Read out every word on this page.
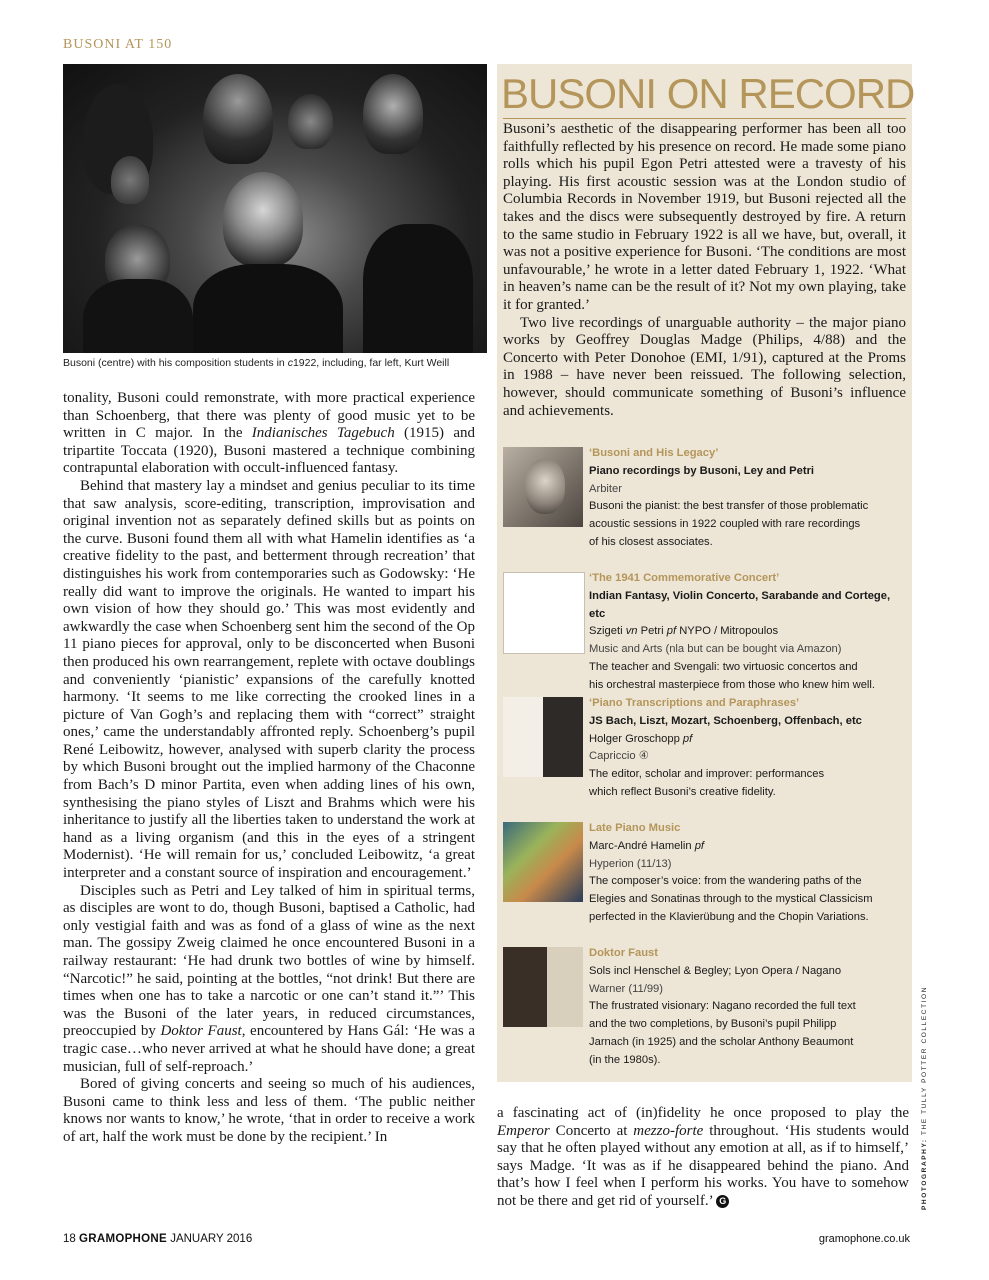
BUSONI AT 150
Busoni (centre) with his composition students in c1922, including, far left, Kurt Weill

tonality, Busoni could remonstrate, with more practical experience than Schoenberg, that there was plenty of good music yet to be written in C major. In the Indianisches Tagebuch (1915) and tripartite Toccata (1920), Busoni mastered a technique combining contrapuntal elaboration with occult-influenced fantasy.

Behind that mastery lay a mindset and genius peculiar to its time that saw analysis, score-editing, transcription, improvisation and original invention not as separately defined skills but as points on the curve. Busoni found them all with what Hamelin identifies as ‘a creative fidelity to the past, and betterment through recreation’ that distinguishes his work from contemporaries such as Godowsky: ‘He really did want to improve the originals. He wanted to impart his own vision of how they should go.’ This was most evidently and awkwardly the case when Schoenberg sent him the second of the Op 11 piano pieces for approval, only to be disconcerted when Busoni then produced his own rearrangement, replete with octave doublings and conveniently ‘pianistic’ expansions of the carefully knotted harmony. ‘It seems to me like correcting the crooked lines in a picture of Van Gogh’s and replacing them with “correct” straight ones,’ came the understandably affronted reply. Schoenberg’s pupil René Leibowitz, however, analysed with superb clarity the process by which Busoni brought out the implied harmony of the Chaconne from Bach’s D minor Partita, even when adding lines of his own, synthesising the piano styles of Liszt and Brahms which were his inheritance to justify all the liberties taken to understand the work at hand as a living organism (and this in the eyes of a stringent Modernist). ‘He will remain for us,’ concluded Leibowitz, ‘a great interpreter and a constant source of inspiration and encouragement.’

Disciples such as Petri and Ley talked of him in spiritual terms, as disciples are wont to do, though Busoni, baptised a Catholic, had only vestigial faith and was as fond of a glass of wine as the next man. The gossipy Zweig claimed he once encountered Busoni in a railway restaurant: ‘He had drunk two bottles of wine by himself. “Narcotic!” he said, pointing at the bottles, “not drink! But there are times when one has to take a narcotic or one can’t stand it.”’ This was the Busoni of the later years, in reduced circumstances, preoccupied by Doktor Faust, encountered by Hans Gál: ‘He was a tragic case…who never arrived at what he should have done; a great musician, full of self-reproach.’

Bored of giving concerts and seeing so much of his audiences, Busoni came to think less and less of them. ‘The public neither knows nor wants to know,’ he wrote, ‘that in order to receive a work of art, half the work must be done by the recipient.’ In

BUSONI ON RECORD

Busoni’s aesthetic of the disappearing performer has been all too faithfully reflected by his presence on record. He made some piano rolls which his pupil Egon Petri attested were a travesty of his playing. His first acoustic session was at the London studio of Columbia Records in November 1919, but Busoni rejected all the takes and the discs were subsequently destroyed by fire. A return to the same studio in February 1922 is all we have, but, overall, it was not a positive experience for Busoni. ‘The conditions are most unfavourable,’ he wrote in a letter dated February 1, 1922. ‘What in heaven’s name can be the result of it? Not my own playing, take it for granted.’

Two live recordings of unarguable authority – the major piano works by Geoffrey Douglas Madge (Philips, 4/88) and the Concerto with Peter Donohoe (EMI, 1/91), captured at the Proms in 1988 – have never been reissued. The following selection, however, should communicate something of Busoni’s influence and achievements.

‘Busoni and His Legacy’
Piano recordings by Busoni, Ley and Petri
Arbiter
Busoni the pianist: the best transfer of those problematic
acoustic sessions in 1922 coupled with rare recordings
of his closest associates.
‘The 1941 Commemorative Concert’
Indian Fantasy, Violin Concerto, Sarabande and Cortege, etc
Szigeti vn Petri pf NYPO / Mitropoulos
Music and Arts (nla but can be bought via Amazon)
The teacher and Svengali: two virtuosic concertos and
his orchestral masterpiece from those who knew him well.
‘Piano Transcriptions and Paraphrases’
JS Bach, Liszt, Mozart, Schoenberg, Offenbach, etc
Holger Groschopp pf
Capriccio ④
The editor, scholar and improver: performances
which reflect Busoni’s creative fidelity.
Late Piano Music
Marc-André Hamelin pf
Hyperion (11/13)
The composer’s voice: from the wandering paths of the
Elegies and Sonatinas through to the mystical Classicism
perfected in the Klavierübung and the Chopin Variations.
Doktor Faust
Sols incl Henschel & Begley; Lyon Opera / Nagano
Warner (11/99)
The frustrated visionary: Nagano recorded the full text
and the two completions, by Busoni’s pupil Philipp
Jarnach (in 1925) and the scholar Anthony Beaumont
(in the 1980s).

a fascinating act of (in)fidelity he once proposed to play the Emperor Concerto at mezzo-forte throughout. ‘His students would say that he often played without any emotion at all, as if to himself,’ says Madge. ‘It was as if he disappeared behind the piano. And that’s how I feel when I perform his works. You have to somehow not be there and get rid of yourself.’ G	PHOTOGRAPHY: THE TULLY POTTER COLLECTION
18 GRAMOPHONE JANUARY 2016	gramophone.co.uk
